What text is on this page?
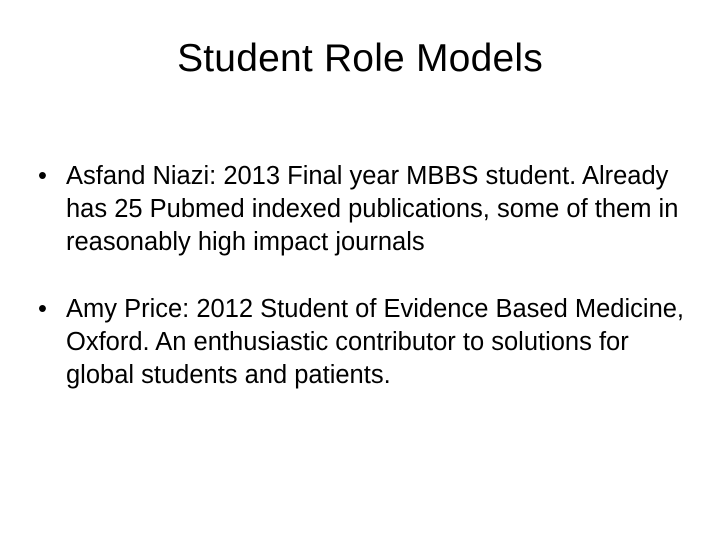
Student Role Models
• Asfand Niazi: 2013 Final year MBBS student. Already has 25 Pubmed indexed publications, some of them in reasonably high impact journals
• Amy Price: 2012 Student of Evidence Based Medicine, Oxford. An enthusiastic contributor to solutions for global students and patients.
